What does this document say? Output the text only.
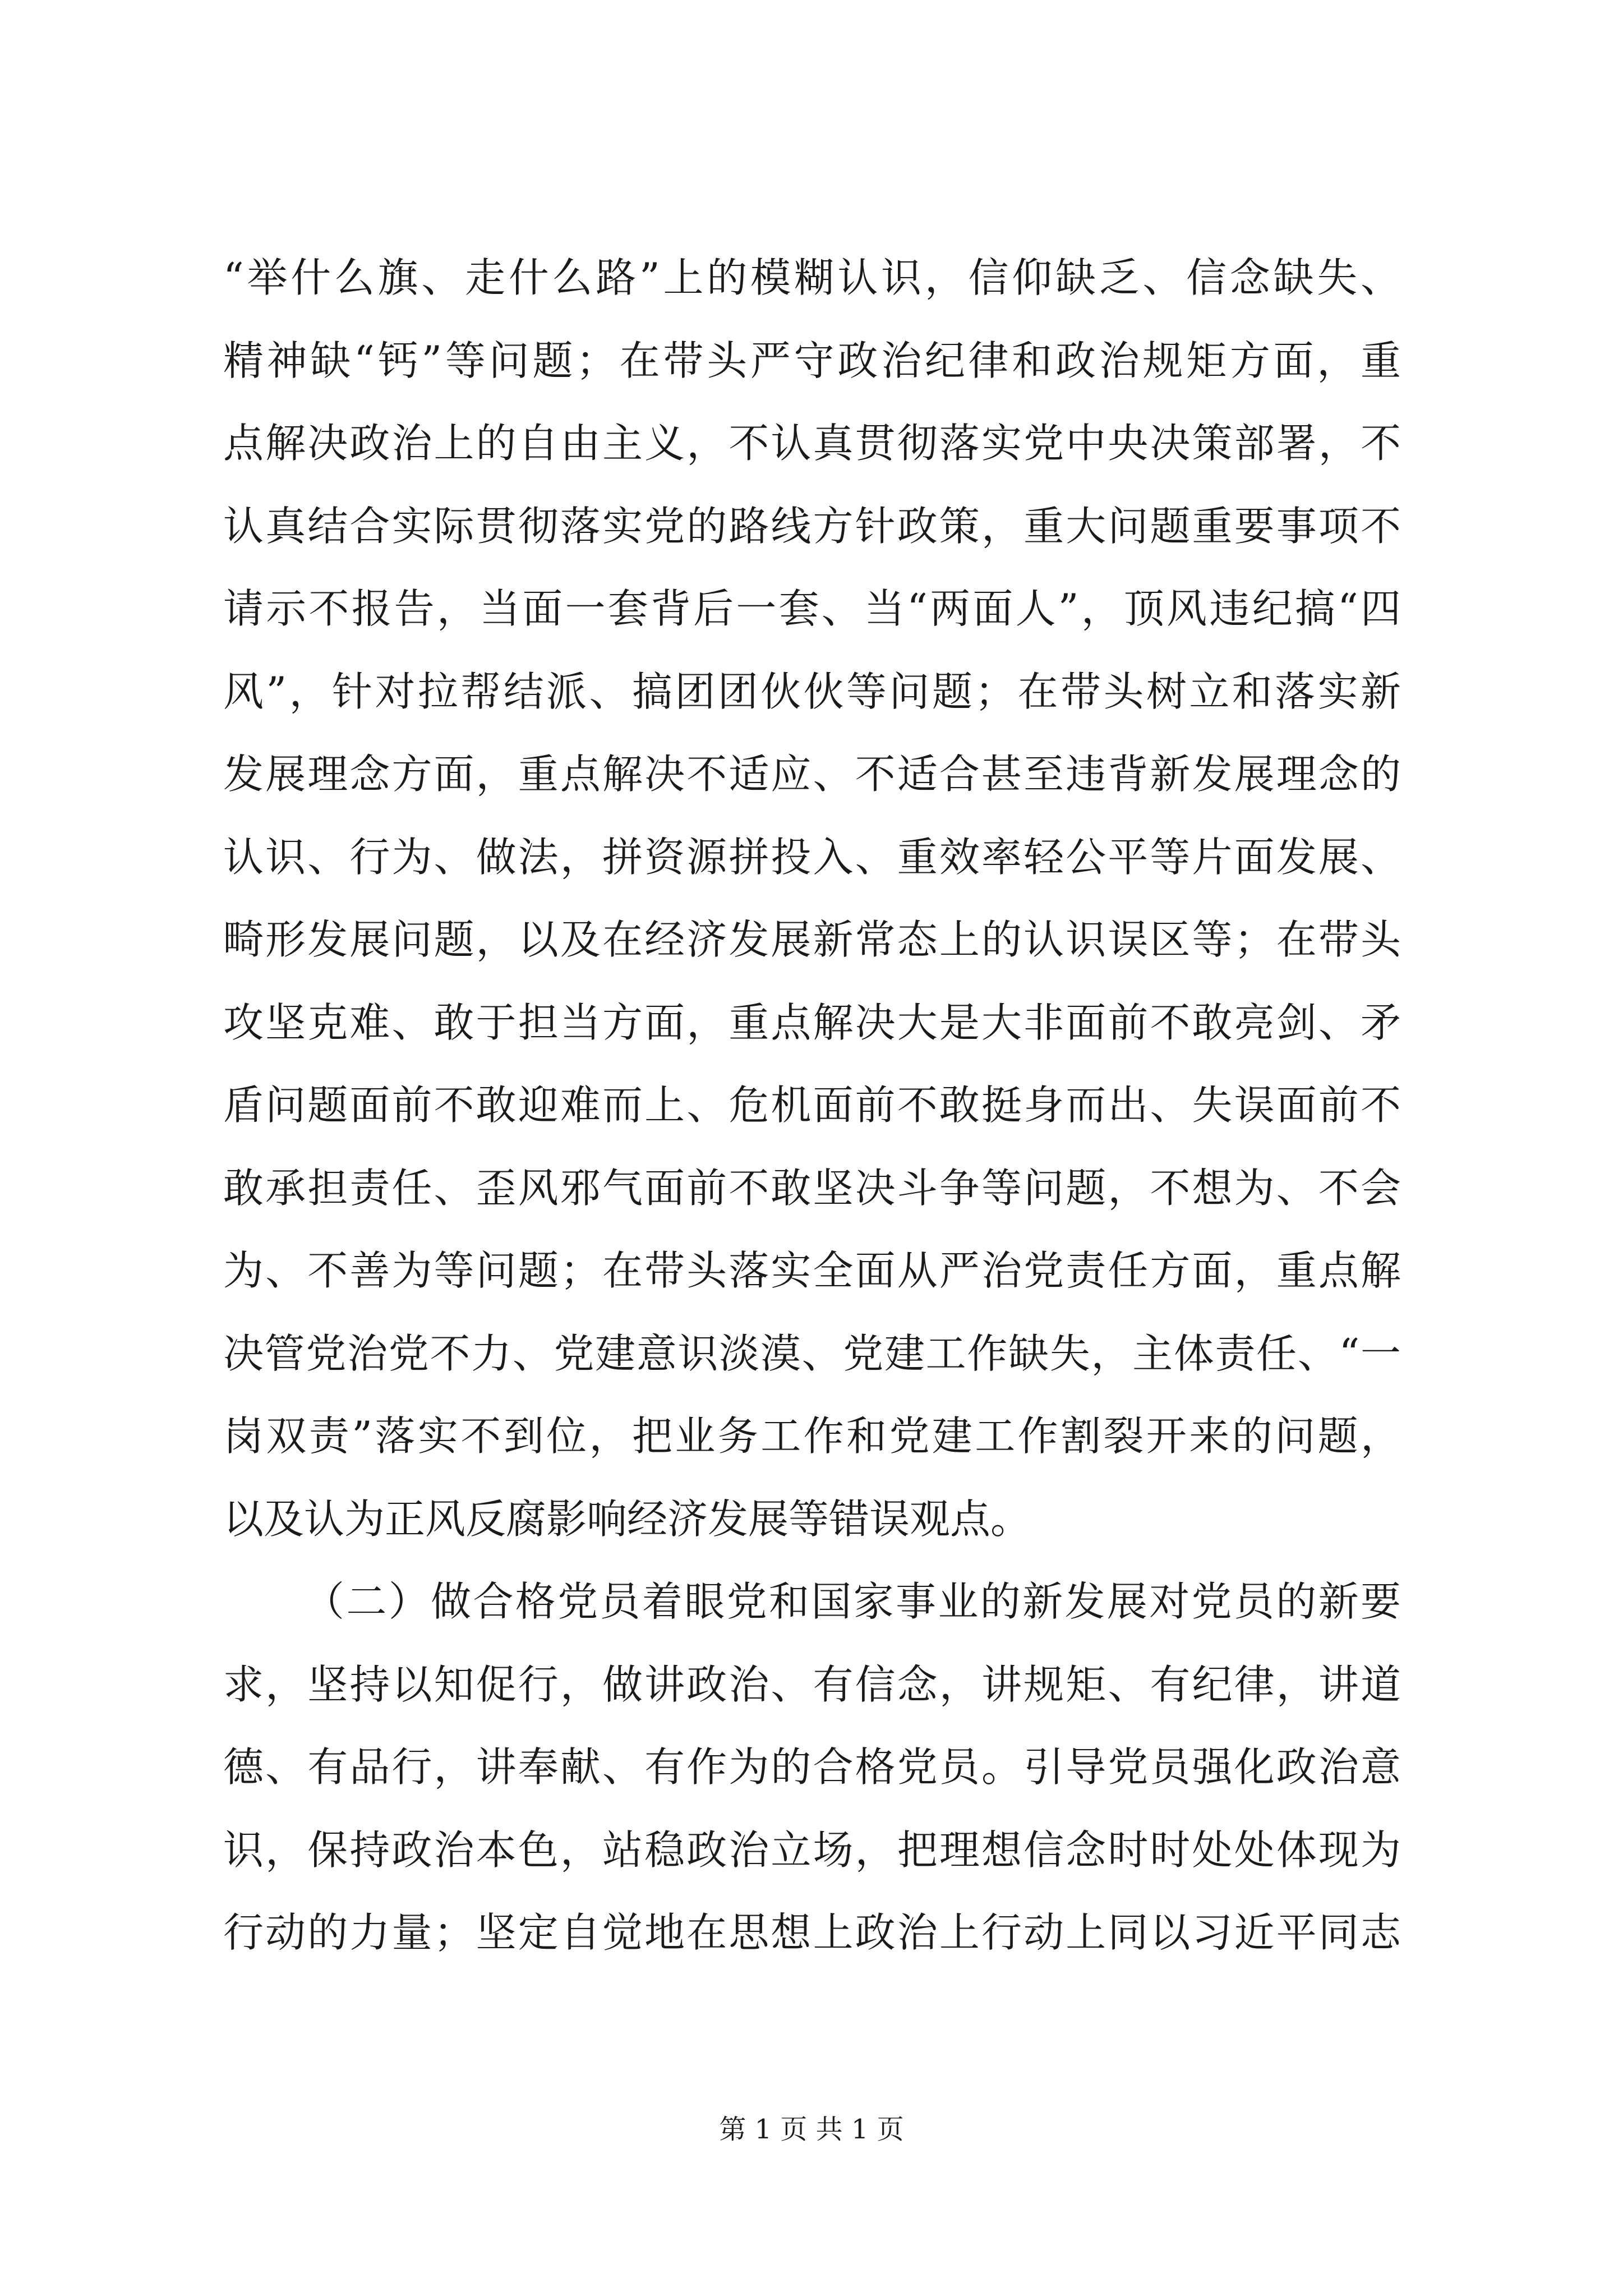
“举什么旗、走什么路”上的模糊认识，信仰缺乏、信念缺失、
精神缺“钙”等问题；在带头严守政治纪律和政治规矩方面，重
点解决政治上的自由主义，不认真贯彻落实党中央决策部署，不
认真结合实际贯彻落实党的路线方针政策，重大问题重要事项不
请示不报告，当面一套背后一套、当“两面人”，顶风违纪搞“四
风”，针对拉帮结派、搞团团伙伙等问题；在带头树立和落实新
发展理念方面，重点解决不适应、不适合甚至违背新发展理念的
认识、行为、做法，拼资源拼投入、重效率轻公平等片面发展、
畸形发展问题，以及在经济发展新常态上的认识误区等；在带头
攻坚克难、敢于担当方面，重点解决大是大非面前不敢亮剑、矛
盾问题面前不敢迎难而上、危机面前不敢挺身而出、失误面前不
敢承担责任、歪风邪气面前不敢坚决斗争等问题，不想为、不会
为、不善为等问题；在带头落实全面从严治党责任方面，重点解
决管党治党不力、党建意识淡漠、党建工作缺失，主体责任、“一
岗双责”落实不到位，把业务工作和党建工作割裂开来的问题，
以及认为正风反腐影响经济发展等错误观点。
（二）做合格党员着眼党和国家事业的新发展对党员的新要
求，坚持以知促行，做讲政治、有信念，讲规矩、有纪律，讲道
德、有品行，讲奉献、有作为的合格党员。引导党员强化政治意
识，保持政治本色，站稳政治立场，把理想信念时时处处体现为
行动的力量；坚定自觉地在思想上政治上行动上同以习近平同志
第 1 页 共 1 页
